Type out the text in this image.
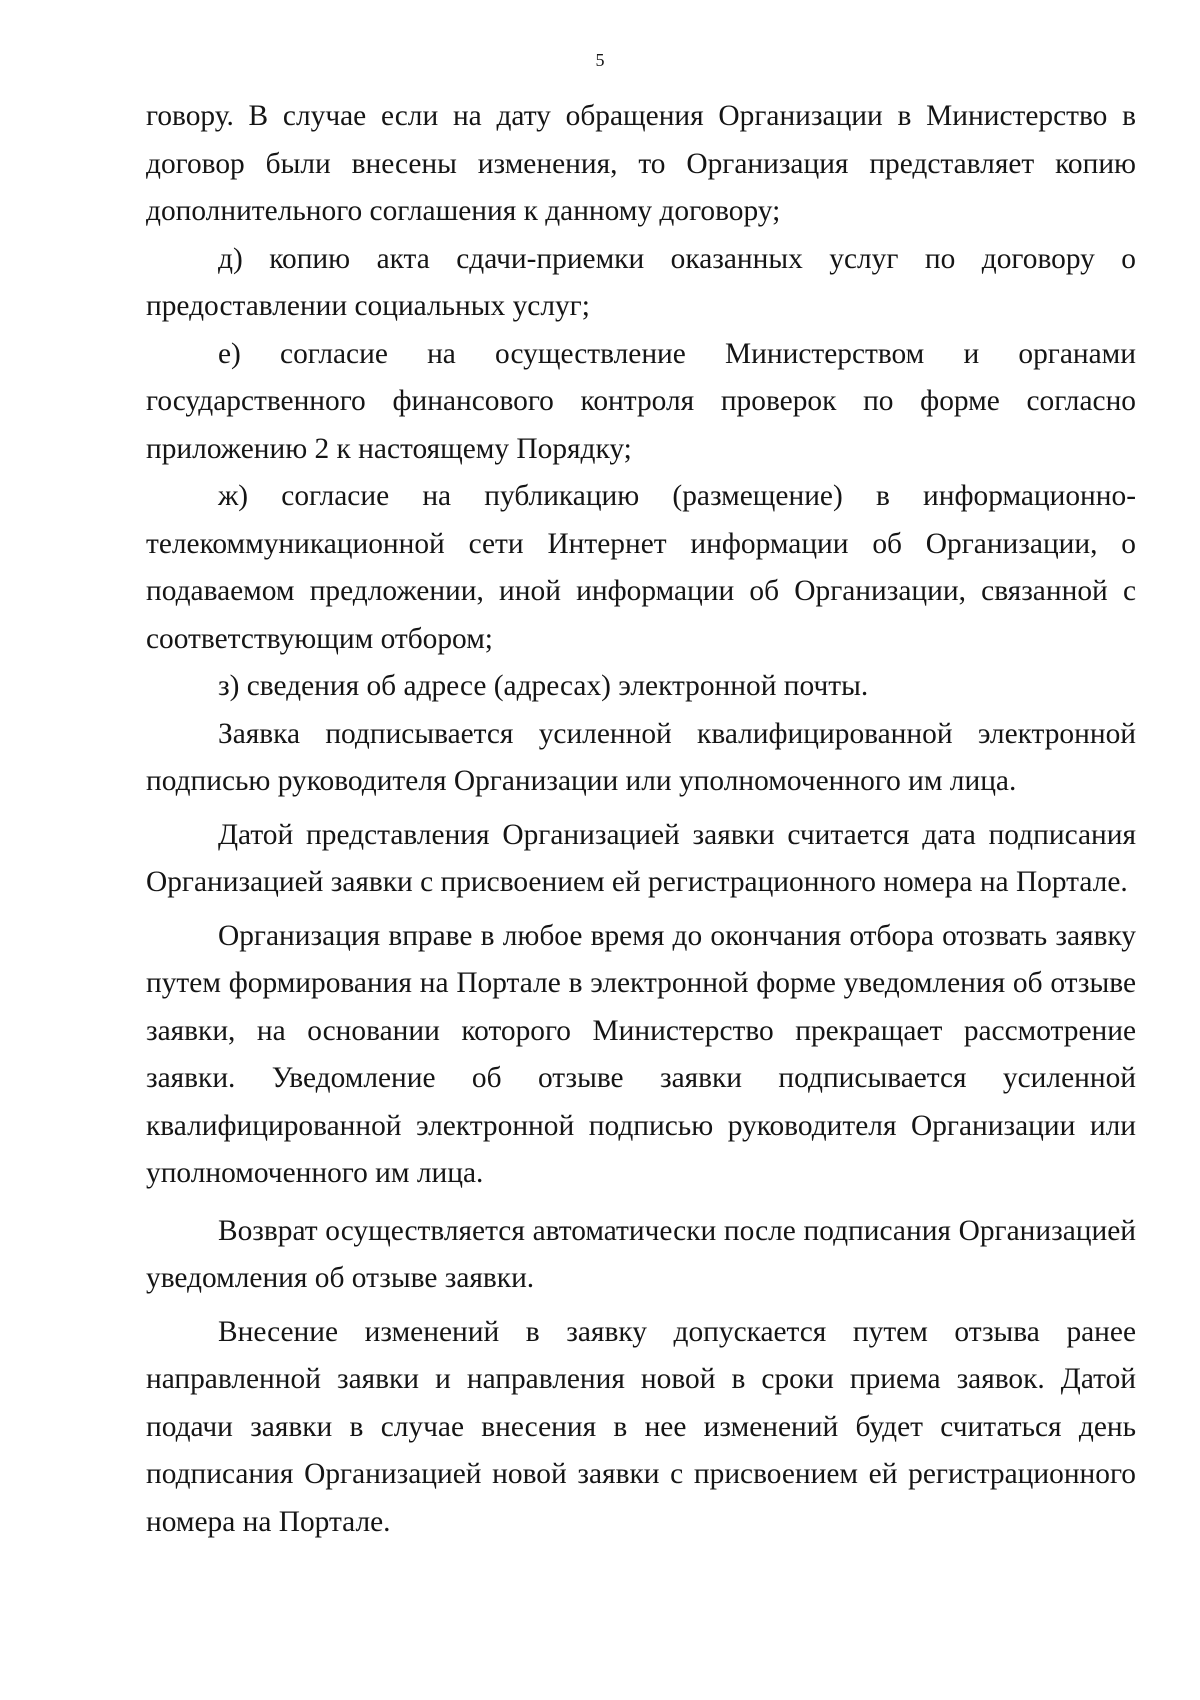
5

говору. В случае если на дату обращения Организации в Министерство в договор были внесены изменения, то Организация представляет копию дополнительного соглашения к данному договору;

д) копию акта сдачи-приемки оказанных услуг по договору о предоставлении социальных услуг;

е) согласие на осуществление Министерством и органами государственного финансового контроля проверок по форме согласно приложению 2 к настоящему Порядку;

ж) согласие на публикацию (размещение) в информационно-телекоммуникационной сети Интернет информации об Организации, о подаваемом предложении, иной информации об Организации, связанной с соответствующим отбором;

з) сведения об адресе (адресах) электронной почты.

Заявка подписывается усиленной квалифицированной электронной подписью руководителя Организации или уполномоченного им лица.

Датой представления Организацией заявки считается дата подписания Организацией заявки с присвоением ей регистрационного номера на Портале.

Организация вправе в любое время до окончания отбора отозвать заявку путем формирования на Портале в электронной форме уведомления об отзыве заявки, на основании которого Министерство прекращает рассмотрение заявки. Уведомление об отзыве заявки подписывается усиленной квалифицированной электронной подписью руководителя Организации или уполномоченного им лица.

Возврат осуществляется автоматически после подписания Организацией уведомления об отзыве заявки.

Внесение изменений в заявку допускается путем отзыва ранее направленной заявки и направления новой в сроки приема заявок. Датой подачи заявки в случае внесения в нее изменений будет считаться день подписания Организацией новой заявки с присвоением ей регистрационного номера на Портале.
